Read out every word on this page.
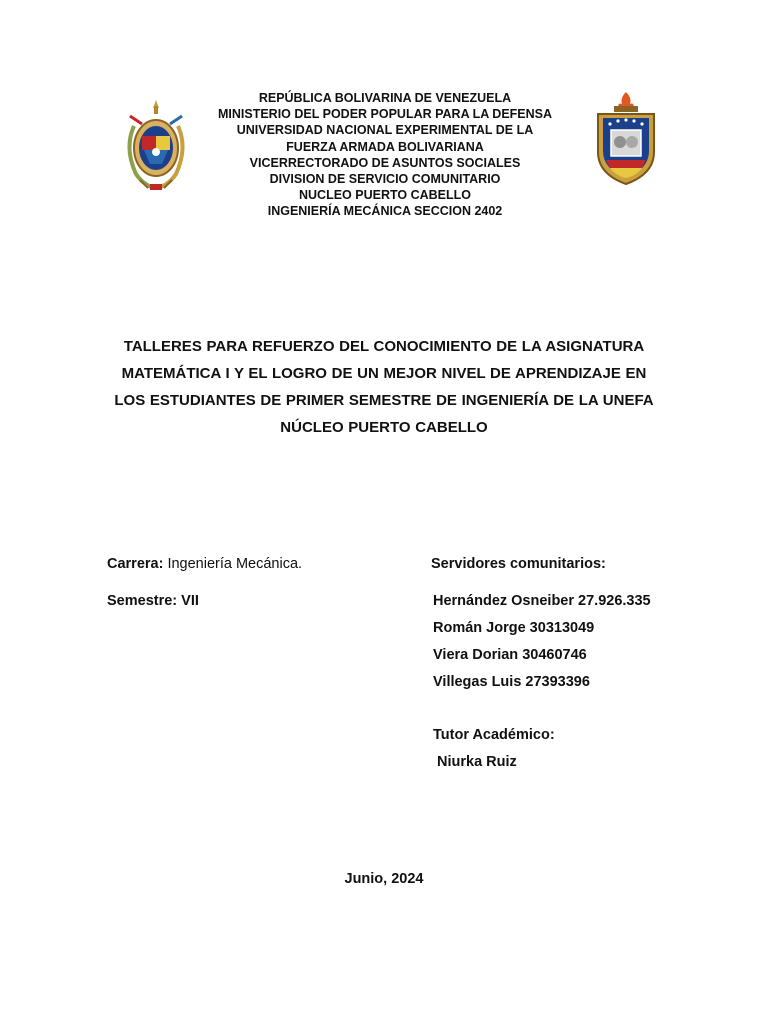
REPÚBLICA BOLIVARINA DE VENEZUELA
MINISTERIO DEL PODER POPULAR PARA LA DEFENSA
UNIVERSIDAD NACIONAL EXPERIMENTAL DE LA
FUERZA ARMADA BOLIVARIANA
VICERRECTORADO DE ASUNTOS SOCIALES
DIVISION DE SERVICIO COMUNITARIO
NUCLEO PUERTO CABELLO
INGENIERÍA MECÁNICA SECCION 2402
TALLERES PARA REFUERZO DEL CONOCIMIENTO DE LA ASIGNATURA
MATEMÁTICA I Y EL LOGRO DE UN MEJOR NIVEL DE APRENDIZAJE EN
LOS ESTUDIANTES DE PRIMER SEMESTRE DE INGENIERÍA DE LA UNEFA
NÚCLEO PUERTO CABELLO
Carrera: Ingeniería Mecánica.	Servidores comunitarios:
Semestre: VII	Hernández Osneiber 27.926.335
Román Jorge 30313049
Viera Dorian 30460746
Villegas Luis 27393396
Tutor Académico:
Niurka Ruiz
Junio, 2024
